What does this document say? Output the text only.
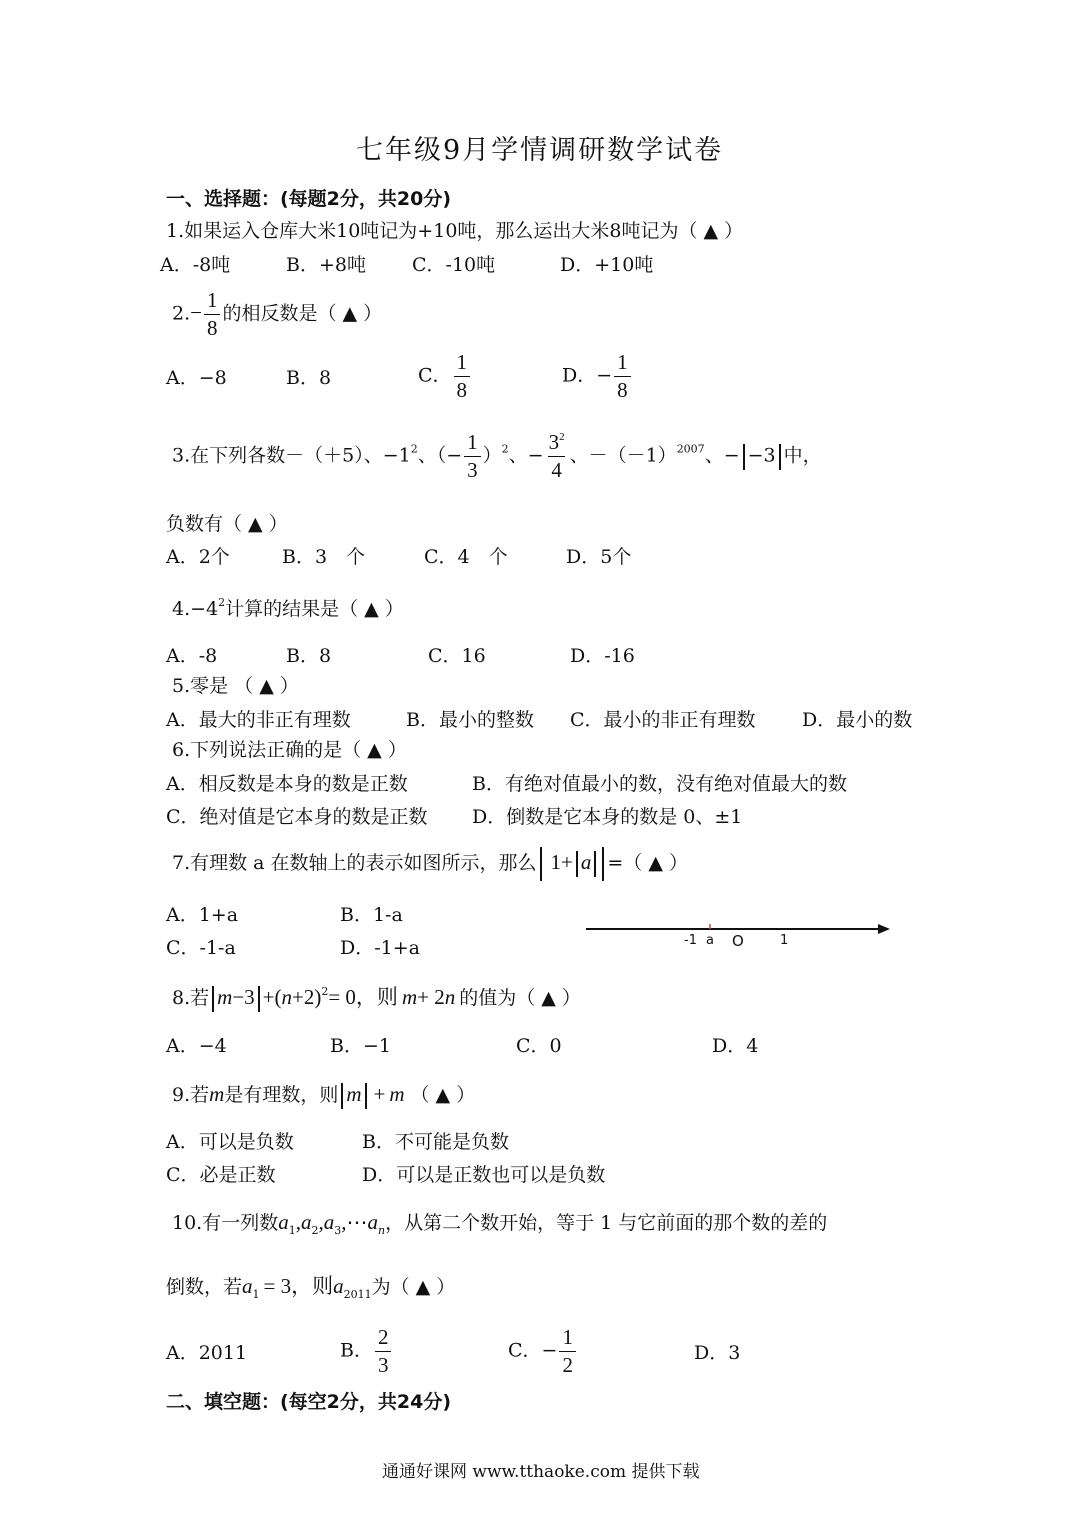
七年级9月学情调研数学试卷
一、选择题：(每题2分，共20分)
1.如果运入仓库大米10吨记为+10吨，那么运出大米8吨记为（ ▲ ）
A．-8吨	B．+8吨 C．-10吨	D．+10吨
$2.- \frac{1}{8}$ 的相反数是（ ▲ ）
A．−8	B．8	C． $\frac{1}{8}$	D．− $\frac{1}{8}$
3.在下列各数－（＋5）、$-1^2$、（− $\frac{1}{3} )^2$、− $\frac{3^2}{4}$ 、$-(-1)^{2007}$、− −3 中，
负数有（ ▲ ）
A．2个	B．3　个	C．4　个	D．5个
$4.-4^2$计算的结果是（ ▲ ）
A．-8	B．8	C．16	D．-16
5.零是 （ ▲ ）
A．最大的非正有理数	B．最小的整数 C．最小的非正有理数 D．最小的数
6.下列说法正确的是（ ▲ ）
A．相反数是本身的数是正数	B．有绝对值最小的数，没有绝对值最大的数
C．绝对值是它本身的数是正数 D．倒数是它本身的数是 0、±1
7.有理数 a 在数轴上的表示如图所示，那么 1+ a =（ ▲ ）
A．1+a	B．1-a
C．-1-a	D．-1+a	-1 a O	1
8.若 $m-3 +(n+2)^2= 0$，则 m+ 2n 的值为（ ▲ ）
A．−4	B．−1	C．0	D．4
9.若m是有理数，则 m + m （ ▲ ）
A．可以是负数	B．不可能是负数
C．必是正数	D．可以是正数也可以是负数
10.有一列数$a_1,a_2,a_3,\cdots a_n$，从第二个数开始，等于 1 与它前面的那个数的差的
倒数，若$a_1 = 3$，则$a_{2011}$为（ ▲ ）
A．2011	B． $\frac{2}{3}$	C．− $\frac{1}{2}$	D．3
二、填空题：(每空2分，共24分)
通通好课网 www.tthaoke.com 提供下载
